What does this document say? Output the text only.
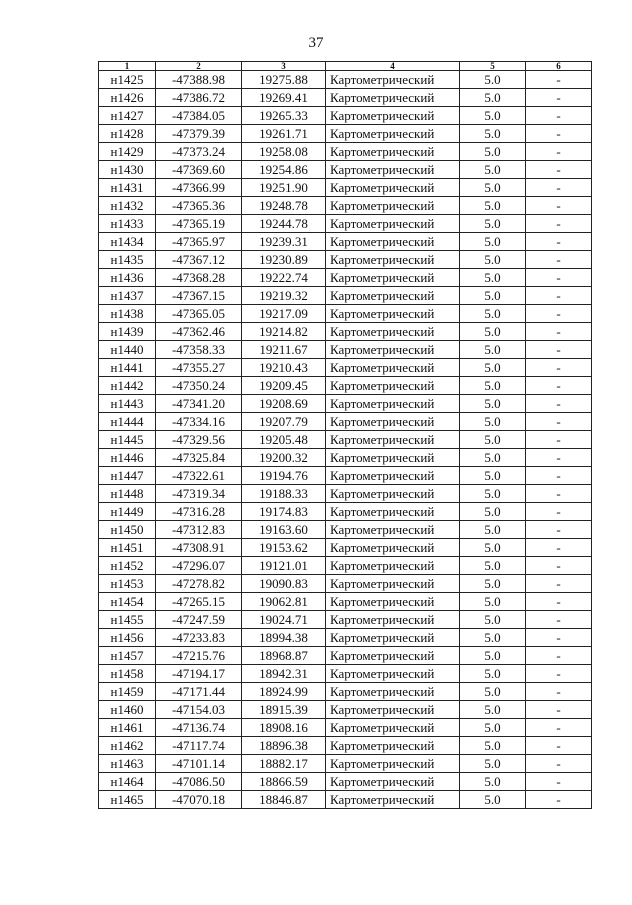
37
1	2	3	4	5	6
н1425	-47388.98	19275.88	Картометрический	5.0	-
н1426	-47386.72	19269.41	Картометрический	5.0	-
н1427	-47384.05	19265.33	Картометрический	5.0	-
н1428	-47379.39	19261.71	Картометрический	5.0	-
н1429	-47373.24	19258.08	Картометрический	5.0	-
н1430	-47369.60	19254.86	Картометрический	5.0	-
н1431	-47366.99	19251.90	Картометрический	5.0	-
н1432	-47365.36	19248.78	Картометрический	5.0	-
н1433	-47365.19	19244.78	Картометрический	5.0	-
н1434	-47365.97	19239.31	Картометрический	5.0	-
н1435	-47367.12	19230.89	Картометрический	5.0	-
н1436	-47368.28	19222.74	Картометрический	5.0	-
н1437	-47367.15	19219.32	Картометрический	5.0	-
н1438	-47365.05	19217.09	Картометрический	5.0	-
н1439	-47362.46	19214.82	Картометрический	5.0	-
н1440	-47358.33	19211.67	Картометрический	5.0	-
н1441	-47355.27	19210.43	Картометрический	5.0	-
н1442	-47350.24	19209.45	Картометрический	5.0	-
н1443	-47341.20	19208.69	Картометрический	5.0	-
н1444	-47334.16	19207.79	Картометрический	5.0	-
н1445	-47329.56	19205.48	Картометрический	5.0	-
н1446	-47325.84	19200.32	Картометрический	5.0	-
н1447	-47322.61	19194.76	Картометрический	5.0	-
н1448	-47319.34	19188.33	Картометрический	5.0	-
н1449	-47316.28	19174.83	Картометрический	5.0	-
н1450	-47312.83	19163.60	Картометрический	5.0	-
н1451	-47308.91	19153.62	Картометрический	5.0	-
н1452	-47296.07	19121.01	Картометрический	5.0	-
н1453	-47278.82	19090.83	Картометрический	5.0	-
н1454	-47265.15	19062.81	Картометрический	5.0	-
н1455	-47247.59	19024.71	Картометрический	5.0	-
н1456	-47233.83	18994.38	Картометрический	5.0	-
н1457	-47215.76	18968.87	Картометрический	5.0	-
н1458	-47194.17	18942.31	Картометрический	5.0	-
н1459	-47171.44	18924.99	Картометрический	5.0	-
н1460	-47154.03	18915.39	Картометрический	5.0	-
н1461	-47136.74	18908.16	Картометрический	5.0	-
н1462	-47117.74	18896.38	Картометрический	5.0	-
н1463	-47101.14	18882.17	Картометрический	5.0	-
н1464	-47086.50	18866.59	Картометрический	5.0	-
н1465	-47070.18	18846.87	Картометрический	5.0	-
